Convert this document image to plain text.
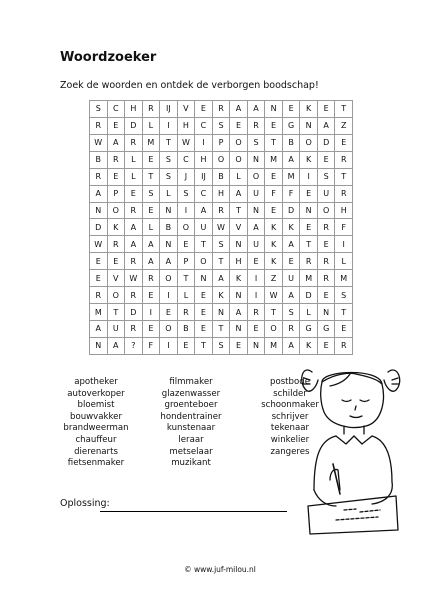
Woordzoeker

Zoek de woorden en ontdek de verborgen boodschap!

S	C	H	R	IJ	V	E	R	A	A	N	E	K	E	T
R	E	D	L	I	H	C	S	E	R	E	G	N	A	Z
W	A	R	M	T	W	I	P	O	S	T	B	O	D	E
B	R	L	E	S	C	H	O	O	N	M	A	K	E	R
R	E	L	T	S	J	IJ	B	L	O	E	M	I	S	T
A	P	E	S	L	S	C	H	A	U	F	F	E	U	R
N	O	R	E	N	I	A	R	T	N	E	D	N	O	H
D	K	A	L	B	O	U	W	V	A	K	K	E	R	F
W	R	A	A	N	E	T	S	N	U	K	A	T	E	I
E	E	R	A	A	P	O	T	H	E	K	E	R	R	L
E	V	W	R	O	T	N	A	K	I	Z	U	M	R	M
R	O	R	E	I	L	E	K	N	I	W	A	D	E	S
M	T	D	I	E	R	E	N	A	R	T	S	L	N	T
A	U	R	E	O	B	E	T	N	E	O	R	G	G	E
N	A	?	F	I	E	T	S	E	N	M	A	K	E	R
apotheker
autoverkoper
bloemist
bouwvakker
brandweerman
chauffeur
dierenarts
fietsenmaker
filmmaker
glazenwasser
groenteboer
hondentrainer
kunstenaar
leraar
metselaar
muzikant
postbode
schilder
schoonmaker
schrijver
tekenaar
winkelier
zangeres
Oplossing:
© www.juf-milou.nl
